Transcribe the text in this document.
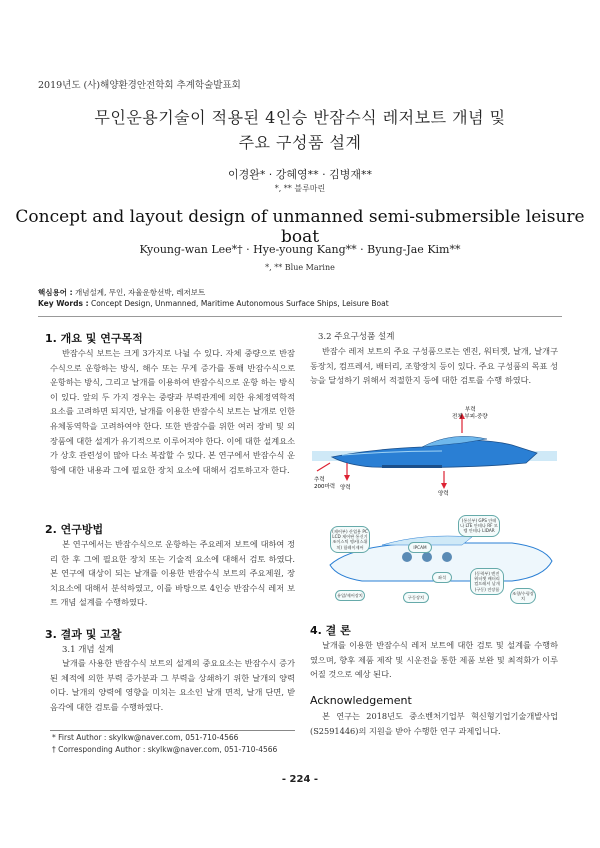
2019년도 (사)해양환경안전학회 추계학술발표회
무인운용기술이 적용된 4인승 반잠수식 레저보트 개념 및
주요 구성품 설계
이경완* · 강혜영** · 김병재**
*, ** 블루마린
Concept and layout design of unmanned semi-submersible leisure boat
Kyoung-wan Lee*† · Hye-young Kang** · Byung-Jae Kim**
*, ** Blue Marine
핵심용어 : 개념설계, 무인, 자율운항선박, 레저보트
Key Words : Concept Design, Unmanned, Maritime Autonomous Surface Ships, Leisure Boat
1. 개요 및 연구목적
반잠수식 보트는 크게 3가지로 나뉠 수 있다. 자체 중량으로 반잠수식으로 운항하는 방식, 해수 또는 무게 증가를 통해 반잠수식으로 운항하는 방식, 그리고 날개를 이용하여 반잠수식으로 운항 하는 방식이 있다. 앞의 두 가지 경우는 중량과 부력관계에 의한 유체정역학적 요소를 고려하면 되지만, 날개를 이용한 반잠수식 보트는 날개로 인한 유체동역학을 고려하여야 한다. 또한 반잠수를 위한 여러 장비 및 의장품에 대한 설계가 유기적으로 이루어져야 한다. 이에 대한 설계요소가 상호 관련성이 많아 다소 복잡할 수 있다. 본 연구에서 반잠수식 운항에 대한 내용과 그에 필요한 장치 요소에 대해서 검토하고자 한다.
2. 연구방법
본 연구에서는 반잠수식으로 운항하는 주요레저 보트에 대하여 정리 한 후 그에 필요한 장치 또는 기술적 요소에 대해서 검토 하였다. 본 연구에 대상이 되는 날개를 이용한 반잠수식 보트의 주요제원, 장치요소에 대해서 분석하였고, 이를 바탕으로 4인승 반잠수식 레저 보트 개념 설계를 수행하였다.
3. 결과 및 고찰
3.1 개념 설계
날개를 사용한 반잠수식 보트의 설계의 중요요소는 반잠수시 증가된 체적에 의한 부력 증가분과 그 부력을 상쇄하기 위한 날개의 양력 이다. 날개의 양력에 영향을 미치는 요소인 날개 면적, 날개 단면, 받음각에 대한 검토를 수행하였다.
* First Author : skylkw@naver.com, 051-710-4566
† Corresponding Author : skylkw@naver.com, 051-710-4566
3.2 주요구성품 설계
반잠수 레저 보트의 주요 구성품으로는 엔진, 워터젯, 날개, 날개구동장치, 컴프레셔, 배터리, 조향장치 등이 있다. 주요 구성품의 목표 성능을 달성하기 위해서 적절한지 등에 대한 검토를 수행 하였다.
부력
전체 부피-중량
추력
200마력 양력
양력
(제어부) 산업용 PC LCD 제어판 통신기 조이스틱 앵커(스위치) 릴레이제어	IPCAM
(통신부) GPS 안테나 LTE 안테나 RF 모뎀 안테나 LIDAR
(동력부) 엔진 워터젯 배터리 컴프레셔 날개(구동) 전장품
조향/수평장치
유압/제어장치	구동장치
좌석
4. 결 론
날개를 이용한 반잠수식 레저 보트에 대한 검토 및 설계를 수행하였으며, 향후 제품 제작 및 시운전을 통한 제품 보완 및 최적화가 이루어질 것으로 예상 된다.
Acknowledgement
본 연구는 2018년도 중소벤처기업부 혁신형기업기술개발사업(S2591446)의 지원을 받아 수행한 연구 과제입니다.
- 224 -
